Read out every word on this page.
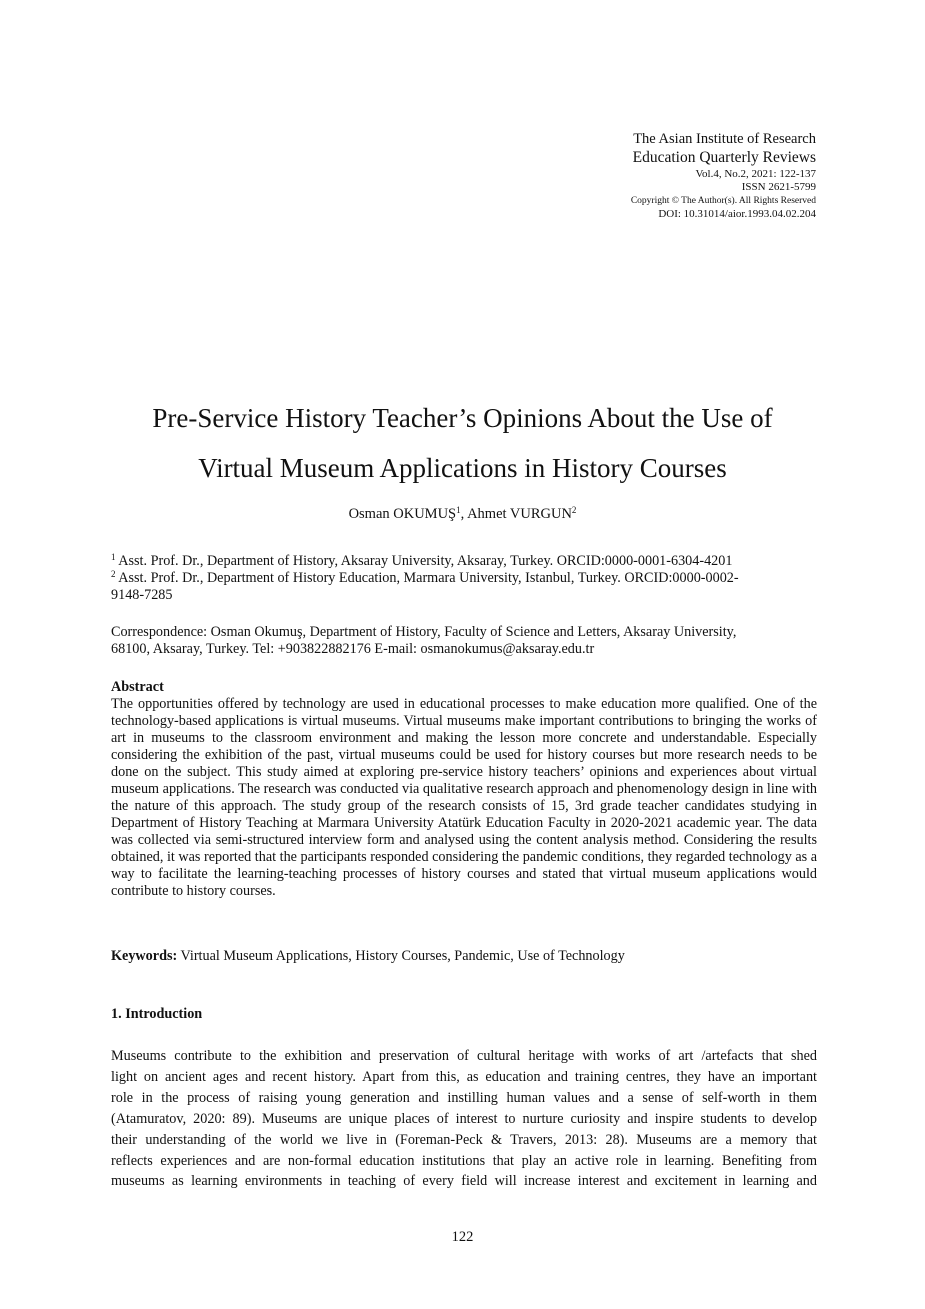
The Asian Institute of Research
Education Quarterly Reviews
Vol.4, No.2, 2021: 122-137
ISSN 2621-5799
Copyright © The Author(s). All Rights Reserved
DOI: 10.31014/aior.1993.04.02.204
Pre-Service History Teacher’s Opinions About the Use of
Virtual Museum Applications in History Courses
Osman OKUMUŞ$^1$, Ahmet VURGUN$^2$
$^1$ Asst. Prof. Dr., Department of History, Aksaray University, Aksaray, Turkey. ORCID:0000-0001-6304-4201
$^2$ Asst. Prof. Dr., Department of History Education, Marmara University, Istanbul, Turkey. ORCID:0000-0002-
9148-7285
Correspondence: Osman Okumuş, Department of History, Faculty of Science and Letters, Aksaray University,
68100, Aksaray, Turkey. Tel: +903822882176 E-mail: osmanokumus@aksaray.edu.tr
Abstract
The opportunities offered by technology are used in educational processes to make education more qualified. One of the technology-based applications is virtual museums. Virtual museums make important contributions to bringing the works of art in museums to the classroom environment and making the lesson more concrete and understandable. Especially considering the exhibition of the past, virtual museums could be used for history courses but more research needs to be done on the subject. This study aimed at exploring pre-service history teachers’ opinions and experiences about virtual museum applications. The research was conducted via qualitative research approach and phenomenology design in line with the nature of this approach. The study group of the research consists of 15, 3rd grade teacher candidates studying in Department of History Teaching at Marmara University Atatürk Education Faculty in 2020-2021 academic year. The data was collected via semi-structured interview form and analysed using the content analysis method. Considering the results obtained, it was reported that the participants responded considering the pandemic conditions, they regarded technology as a way to facilitate the learning-teaching processes of history courses and stated that virtual museum applications would contribute to history courses.
Keywords: Virtual Museum Applications, History Courses, Pandemic, Use of Technology
1. Introduction
Museums contribute to the exhibition and preservation of cultural heritage with works of art /artefacts that shed
light on ancient ages and recent history. Apart from this, as education and training centres, they have an important
role in the process of raising young generation and instilling human values and a sense of self-worth in them
(Atamuratov, 2020: 89). Museums are unique places of interest to nurture curiosity and inspire students to develop
their understanding of the world we live in (Foreman-Peck & Travers, 2013: 28). Museums are a memory that
reflects experiences and are non-formal education institutions that play an active role in learning. Benefiting from
museums as learning environments in teaching of every field will increase interest and excitement in learning and
122
